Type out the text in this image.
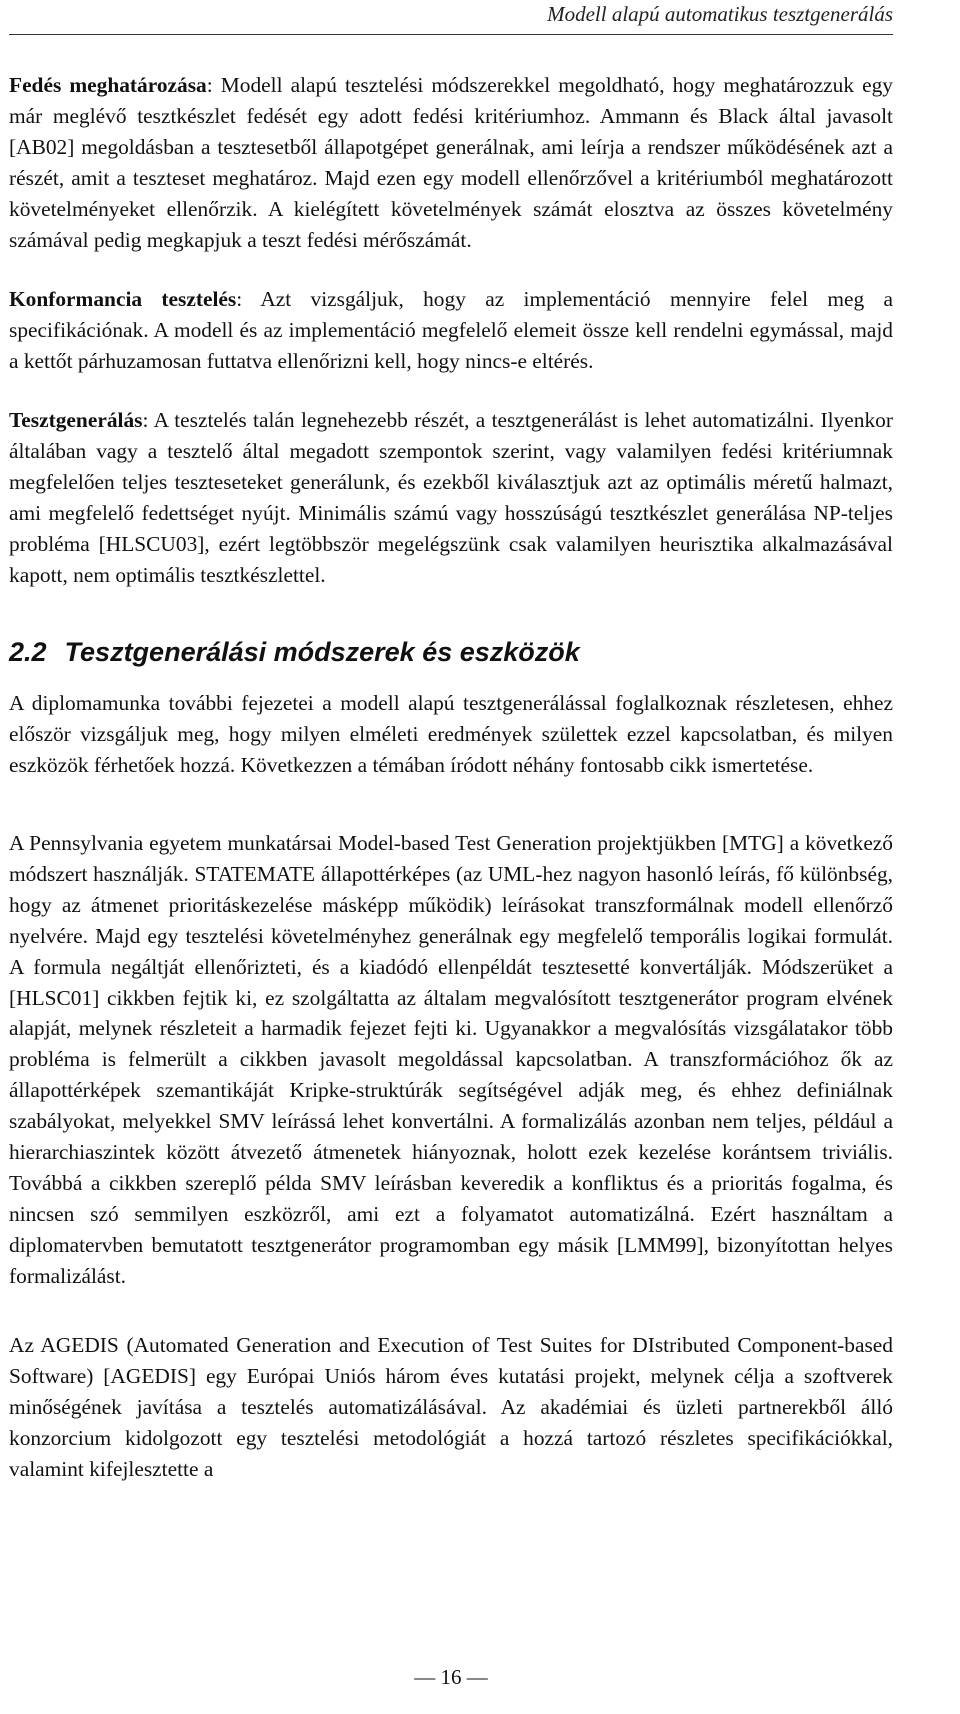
Modell alapú automatikus tesztgenerálás

Fedés meghatározása: Modell alapú tesztelési módszerekkel megoldható, hogy meghatározzuk egy már meglévő tesztkészlet fedését egy adott fedési kritériumhoz. Ammann és Black által javasolt [AB02] megoldásban a tesztesetből állapotgépet generálnak, ami leírja a rendszer működésének azt a részét, amit a teszteset meghatároz. Majd ezen egy modell ellenőrzővel a kritériumból meghatározott követelményeket ellenőrzik. A kielégített követelmények számát elosztva az összes követelmény számával pedig megkapjuk a teszt fedési mérőszámát.

Konformancia tesztelés: Azt vizsgáljuk, hogy az implementáció mennyire felel meg a specifikációnak. A modell és az implementáció megfelelő elemeit össze kell rendelni egymással, majd a kettőt párhuzamosan futtatva ellenőrizni kell, hogy nincs-e eltérés.

Tesztgenerálás: A tesztelés talán legnehezebb részét, a tesztgenerálást is lehet automatizálni. Ilyenkor általában vagy a tesztelő által megadott szempontok szerint, vagy valamilyen fedési kritériumnak megfelelően teljes teszteseteket generálunk, és ezekből kiválasztjuk azt az optimális méretű halmazt, ami megfelelő fedettséget nyújt. Minimális számú vagy hosszúságú tesztkészlet generálása NP-teljes probléma [HLSCU03], ezért legtöbbször megelégszünk csak valamilyen heurisztika alkalmazásával kapott, nem optimális tesztkészlettel.

2.2 Tesztgenerálási módszerek és eszközök

A diplomamunka további fejezetei a modell alapú tesztgenerálással foglalkoznak részletesen, ehhez először vizsgáljuk meg, hogy milyen elméleti eredmények születtek ezzel kapcsolatban, és milyen eszközök férhetőek hozzá. Következzen a témában íródott néhány fontosabb cikk ismertetése.

A Pennsylvania egyetem munkatársai Model-based Test Generation projektjükben [MTG] a következő módszert használják. STATEMATE állapottérképes (az UML-hez nagyon hasonló leírás, fő különbség, hogy az átmenet prioritáskezelése másképp működik) leírásokat transzformálnak modell ellenőrző nyelvére. Majd egy tesztelési követelményhez generálnak egy megfelelő temporális logikai formulát. A formula negáltját ellenőrizteti, és a kiadódó ellenpéldát tesztesetté konvertálják. Módszerüket a [HLSC01] cikkben fejtik ki, ez szolgáltatta az általam megvalósított tesztgenerátor program elvének alapját, melynek részleteit a harmadik fejezet fejti ki. Ugyanakkor a megvalósítás vizsgálatakor több probléma is felmerült a cikkben javasolt megoldással kapcsolatban. A transzformációhoz ők az állapottérképek szemantikáját Kripke-struktúrák segítségével adják meg, és ehhez definiálnak szabályokat, melyekkel SMV leírássá lehet konvertálni. A formalizálás azonban nem teljes, például a hierarchiaszintek között átvezető átmenetek hiányoznak, holott ezek kezelése korántsem triviális. Továbbá a cikkben szereplő példa SMV leírásban keveredik a konfliktus és a prioritás fogalma, és nincsen szó semmilyen eszközről, ami ezt a folyamatot automatizálná. Ezért használtam a diplomatervben bemutatott tesztgenerátor programomban egy másik [LMM99], bizonyítottan helyes formalizálást.

Az AGEDIS (Automated Generation and Execution of Test Suites for DIstributed Component-based Software) [AGEDIS] egy Európai Uniós három éves kutatási projekt, melynek célja a szoftverek minőségének javítása a tesztelés automatizálásával. Az akadémiai és üzleti partnerekből álló konzorcium kidolgozott egy tesztelési metodológiát a hozzá tartozó részletes specifikációkkal, valamint kifejlesztette a

— 16 —
